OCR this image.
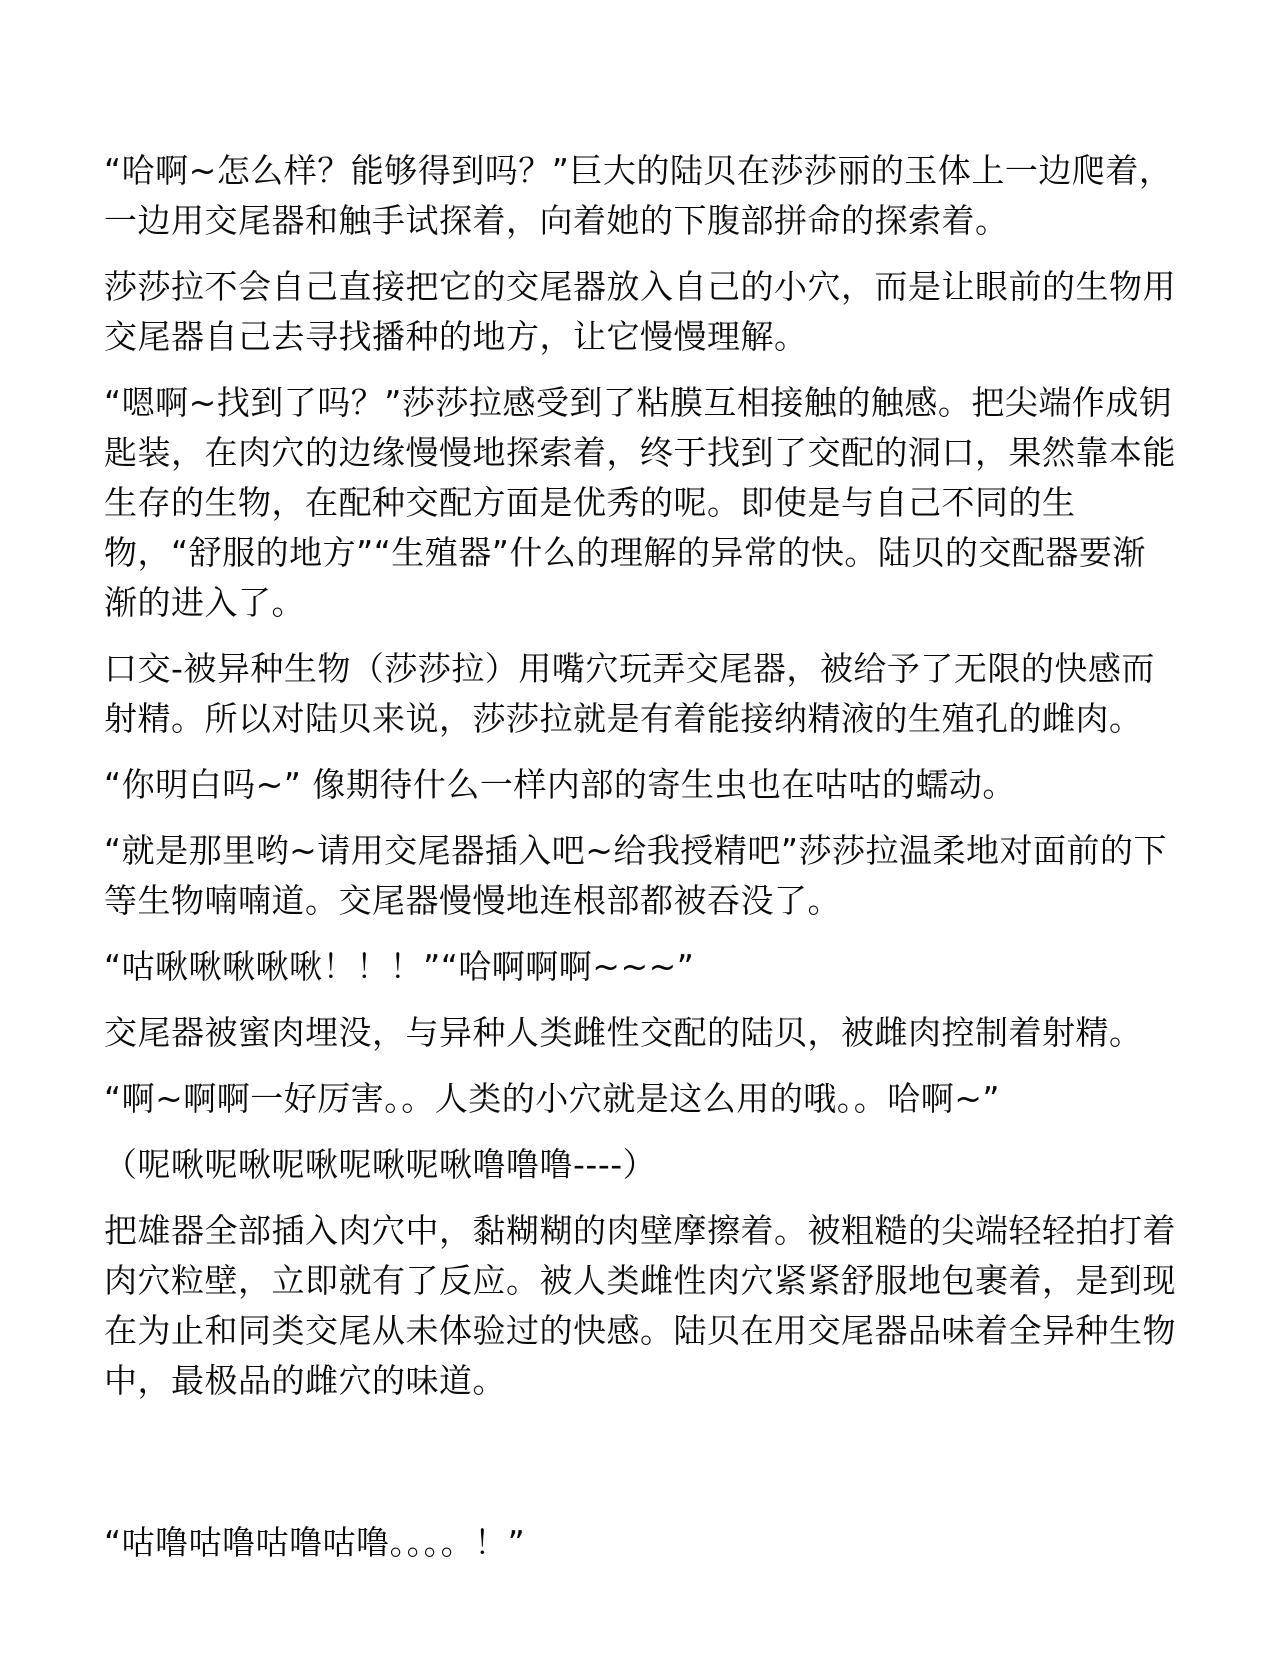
“哈啊~怎么样？能够得到吗？”巨大的陆贝在莎莎丽的玉体上一边爬着，一边用交尾器和触手试探着，向着她的下腹部拼命的探索着。

莎莎拉不会自己直接把它的交尾器放入自己的小穴，而是让眼前的生物用交尾器自己去寻找播种的地方，让它慢慢理解。

“嗯啊~找到了吗？”莎莎拉感受到了粘膜互相接触的触感。把尖端作成钥匙装，在肉穴的边缘慢慢地探索着，终于找到了交配的洞口，果然靠本能生存的生物，在配种交配方面是优秀的呢。即使是与自己不同的生物，“舒服的地方”“生殖器”什么的理解的异常的快。陆贝的交配器要渐渐的进入了。

口交-被异种生物（莎莎拉）用嘴穴玩弄交尾器，被给予了无限的快感而射精。所以对陆贝来说，莎莎拉就是有着能接纳精液的生殖孔的雌肉。

“你明白吗~” 像期待什么一样内部的寄生虫也在咕咕的蠕动。

“就是那里哟~请用交尾器插入吧~给我授精吧”莎莎拉温柔地对面前的下等生物喃喃道。交尾器慢慢地连根部都被吞没了。

“咕啾啾啾啾啾！！！”“哈啊啊啊~~~”

交尾器被蜜肉埋没，与异种人类雌性交配的陆贝，被雌肉控制着射精。

“啊~啊啊一好厉害。。人类的小穴就是这么用的哦。。哈啊~”

（呢啾呢啾呢啾呢啾呢啾噜噜噜----）

把雄器全部插入肉穴中，黏糊糊的肉壁摩擦着。被粗糙的尖端轻轻拍打着肉穴粒壁，立即就有了反应。被人类雌性肉穴紧紧舒服地包裹着，是到现在为止和同类交尾从未体验过的快感。陆贝在用交尾器品味着全异种生物中，最极品的雌穴的味道。

“咕噜咕噜咕噜咕噜。。。。！”
